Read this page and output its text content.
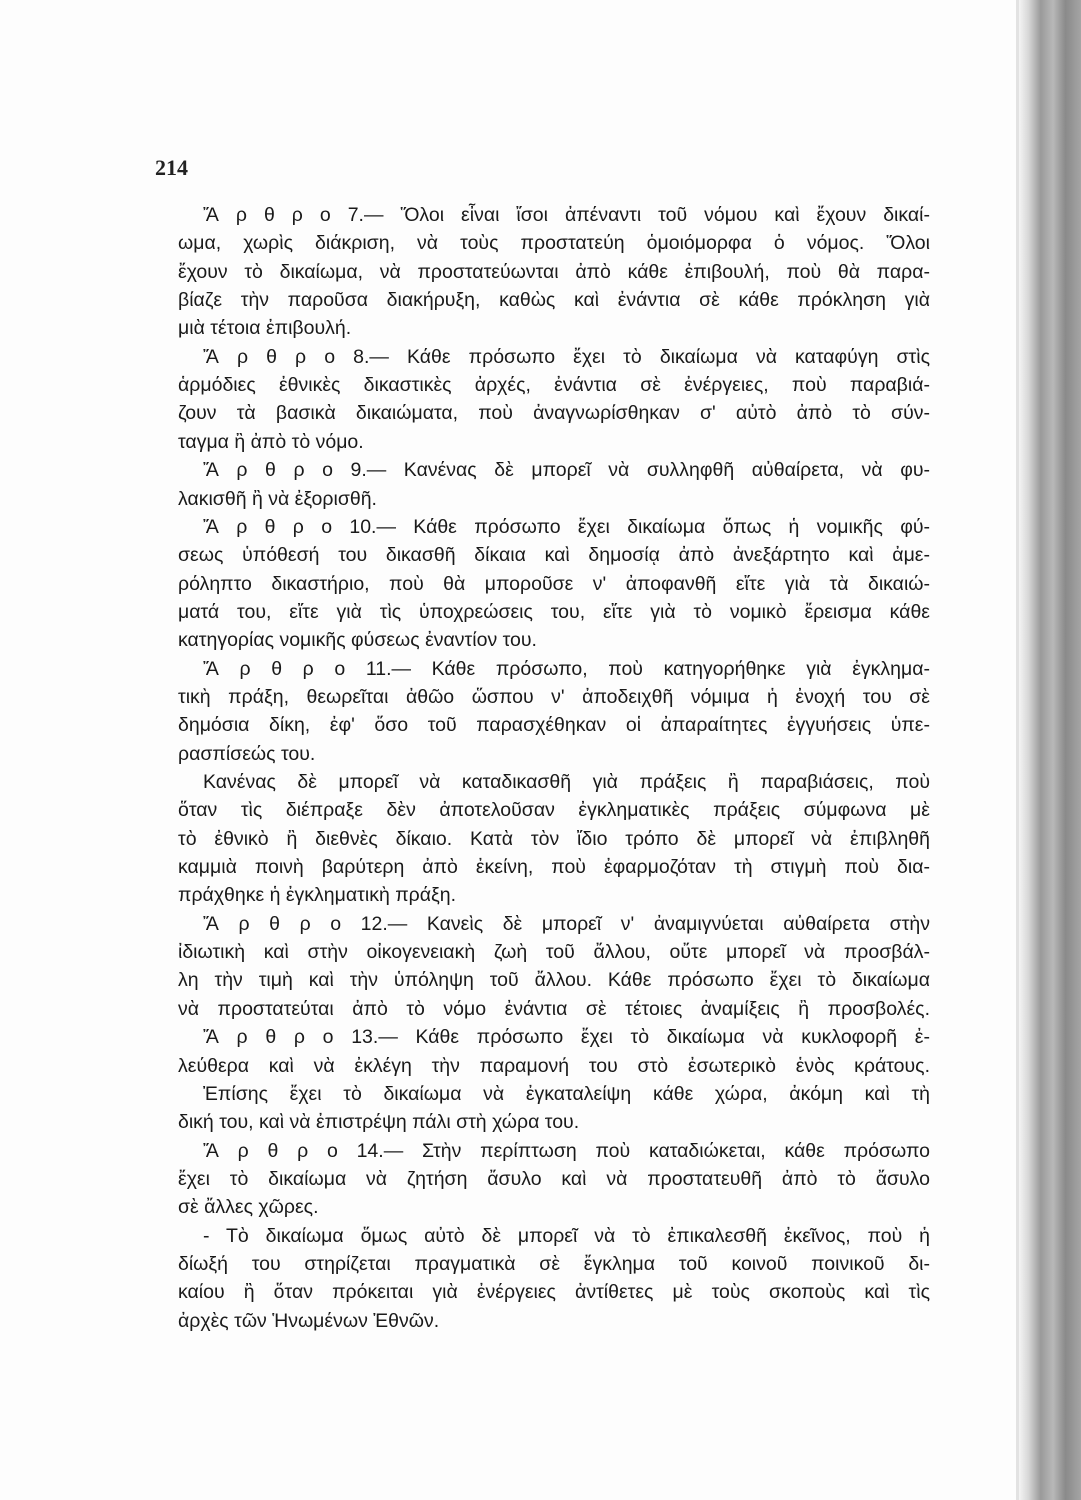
214
Ἄ ρ θ ρ ο 7.— Ὅλοι εἶναι ἴσοι ἀπέναντι τοῦ νόμου καὶ ἔχουν δικαί-
ωμα, χωρὶς διάκριση, νὰ τοὺς προστατεύη ὁμοιόμορφα ὁ νόμος. Ὅλοι
ἔχουν τὸ δικαίωμα, νὰ προστατεύωνται ἀπὸ κάθε ἐπιβουλή, ποὺ θὰ παρα-
βίαζε τὴν παροῦσα διακήρυξη, καθὼς καὶ ἐνάντια σὲ κάθε πρόκληση γιὰ
μιὰ τέτοια ἐπιβουλή.
Ἄ ρ θ ρ ο 8.— Κάθε πρόσωπο ἔχει τὸ δικαίωμα νὰ καταφύγη στὶς
ἁρμόδιες ἐθνικὲς δικαστικὲς ἀρχές, ἐνάντια σὲ ἐνέργειες, ποὺ παραβιά-
ζουν τὰ βασικὰ δικαιώματα, ποὺ ἀναγνωρίσθηκαν σ' αὐτὸ ἀπὸ τὸ σύν-
ταγμα ἢ ἀπὸ τὸ νόμο.
Ἄ ρ θ ρ ο 9.— Κανένας δὲ μπορεῖ νὰ συλληφθῆ αὐθαίρετα, νὰ φυ-
λακισθῆ ἢ νὰ ἐξορισθῆ.
Ἄ ρ θ ρ ο 10.— Κάθε πρόσωπο ἔχει δικαίωμα ὅπως ἡ νομικῆς φύ-
σεως ὑπόθεσή του δικασθῆ δίκαια καὶ δημοσίᾳ ἀπὸ ἀνεξάρτητο καὶ ἀμε-
ρόληπτο δικαστήριο, ποὺ θὰ μποροῦσε ν' ἀποφανθῆ εἴτε γιὰ τὰ δικαιώ-
ματά του, εἴτε γιὰ τὶς ὑποχρεώσεις του, εἴτε γιὰ τὸ νομικὸ ἔρεισμα κάθε
κατηγορίας νομικῆς φύσεως ἐναντίον του.
Ἄ ρ θ ρ ο 11.— Κάθε πρόσωπο, ποὺ κατηγορήθηκε γιὰ ἐγκλημα-
τικὴ πράξη, θεωρεῖται ἀθῶο ὥσπου ν' ἀποδειχθῆ νόμιμα ἡ ἐνοχή του σὲ
δημόσια δίκη, ἐφ' ὅσο τοῦ παρασχέθηκαν οἱ ἀπαραίτητες ἐγγυήσεις ὑπε-
ρασπίσεώς του.
Κανένας δὲ μπορεῖ νὰ καταδικασθῆ γιὰ πράξεις ἢ παραβιάσεις, ποὺ
ὅταν τὶς διέπραξε δὲν ἀποτελοῦσαν ἐγκληματικὲς πράξεις σύμφωνα μὲ
τὸ ἐθνικὸ ἢ διεθνὲς δίκαιο. Κατὰ τὸν ἴδιο τρόπο δὲ μπορεῖ νὰ ἐπιβληθῆ
καμμιὰ ποινὴ βαρύτερη ἀπὸ ἐκείνη, ποὺ ἐφαρμοζόταν τὴ στιγμὴ ποὺ δια-
πράχθηκε ἡ ἐγκληματικὴ πράξη.
Ἄ ρ θ ρ ο 12.— Κανεὶς δὲ μπορεῖ ν' ἀναμιγνύεται αὐθαίρετα στὴν
ἰδιωτικὴ καὶ στὴν οἰκογενειακὴ ζωὴ τοῦ ἄλλου, οὔτε μπορεῖ νὰ προσβάλ-
λη τὴν τιμὴ καὶ τὴν ὑπόληψη τοῦ ἄλλου. Κάθε πρόσωπο ἔχει τὸ δικαίωμα
νὰ προστατεύται ἀπὸ τὸ νόμο ἐνάντια σὲ τέτοιες ἀναμίξεις ἢ προσβολές.
Ἄ ρ θ ρ ο 13.— Κάθε πρόσωπο ἔχει τὸ δικαίωμα νὰ κυκλοφορῆ ἐ-
λεύθερα καὶ νὰ ἐκλέγη τὴν παραμονή του στὸ ἐσωτερικὸ ἑνὸς κράτους.
Ἐπίσης ἔχει τὸ δικαίωμα νὰ ἐγκαταλείψη κάθε χώρα, ἀκόμη καὶ τὴ
δική του, καὶ νὰ ἐπιστρέψη πάλι στὴ χώρα του.
Ἄ ρ θ ρ ο 14.— Στὴν περίπτωση ποὺ καταδιώκεται, κάθε πρόσωπο
ἔχει τὸ δικαίωμα νὰ ζητήση ἄσυλο καὶ νὰ προστατευθῆ ἀπὸ τὸ ἄσυλο
σὲ ἄλλες χῶρες.
- Τὸ δικαίωμα ὅμως αὐτὸ δὲ μπορεῖ νὰ τὸ ἐπικαλεσθῆ ἐκεῖνος, ποὺ ἡ
δίωξή του στηρίζεται πραγματικὰ σὲ ἔγκλημα τοῦ κοινοῦ ποινικοῦ δι-
καίου ἢ ὅταν πρόκειται γιὰ ἐνέργειες ἀντίθετες μὲ τοὺς σκοποὺς καὶ τὶς
ἀρχὲς τῶν Ἡνωμένων Ἐθνῶν.
